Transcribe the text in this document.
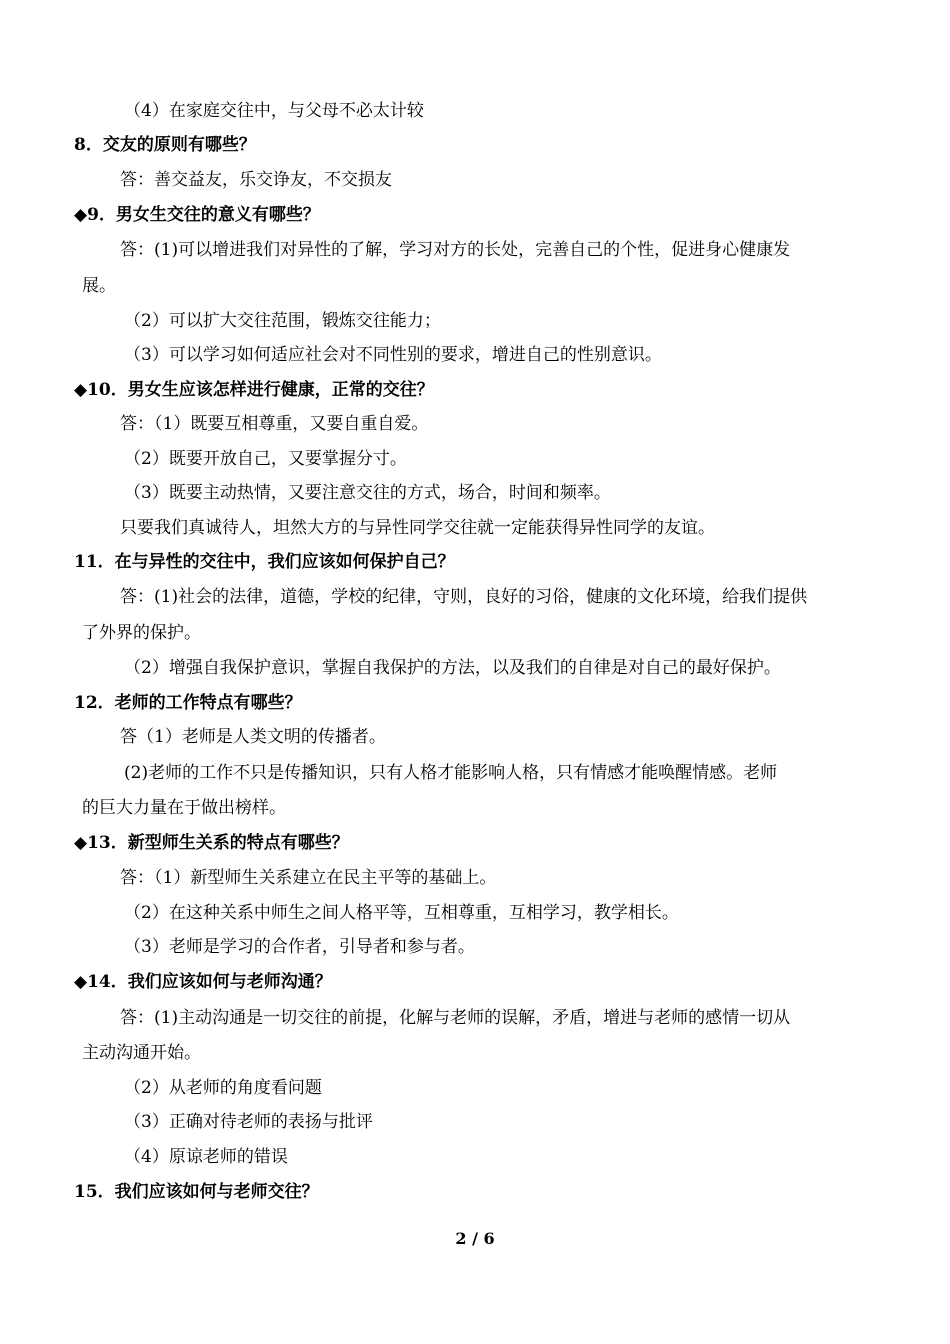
（4）在家庭交往中，与父母不必太计较
8．交友的原则有哪些？
答：善交益友，乐交诤友，不交损友
◆9．男女生交往的意义有哪些？
答：(1)可以增进我们对异性的了解，学习对方的长处，完善自己的个性，促进身心健康发
展。
（2）可以扩大交往范围，锻炼交往能力；
（3）可以学习如何适应社会对不同性别的要求，增进自己的性别意识。
◆10．男女生应该怎样进行健康，正常的交往？
答：（1）既要互相尊重，又要自重自爱。
（2）既要开放自己，又要掌握分寸。
（3）既要主动热情，又要注意交往的方式，场合，时间和频率。
只要我们真诚待人，坦然大方的与异性同学交往就一定能获得异性同学的友谊。
11．在与异性的交往中，我们应该如何保护自己？
答：(1)社会的法律，道德，学校的纪律，守则，良好的习俗，健康的文化环境，给我们提供
了外界的保护。
（2）增强自我保护意识，掌握自我保护的方法，以及我们的自律是对自己的最好保护。
12．老师的工作特点有哪些？
答（1）老师是人类文明的传播者。
(2)老师的工作不只是传播知识，只有人格才能影响人格，只有情感才能唤醒情感。老师
的巨大力量在于做出榜样。
◆13．新型师生关系的特点有哪些？
答：（1）新型师生关系建立在民主平等的基础上。
（2）在这种关系中师生之间人格平等，互相尊重，互相学习，教学相长。
（3）老师是学习的合作者，引导者和参与者。
◆14．我们应该如何与老师沟通？
答：(1)主动沟通是一切交往的前提，化解与老师的误解，矛盾，增进与老师的感情一切从
主动沟通开始。
（2）从老师的角度看问题
（3）正确对待老师的表扬与批评
（4）原谅老师的错误
15．我们应该如何与老师交往？
2 / 6
